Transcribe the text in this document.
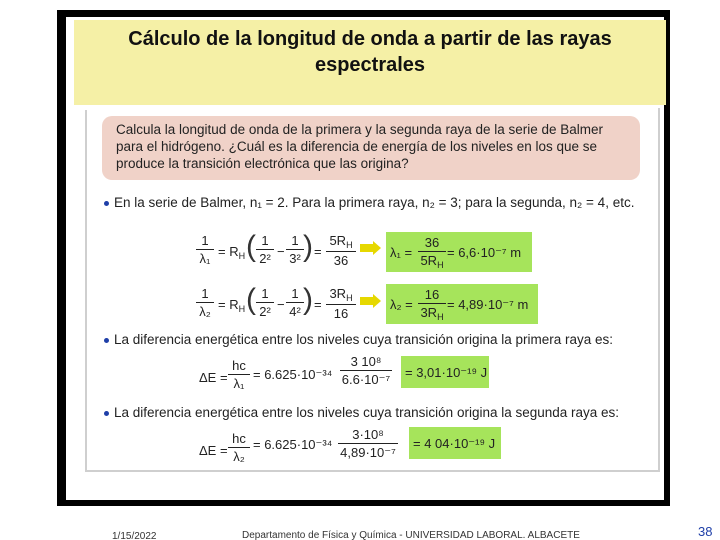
Cálculo de la longitud de onda a partir de las rayas espectrales
Calcula la longitud de onda de la primera y la segunda raya de la serie de Balmer para el hidrógeno. ¿Cuál es la diferencia de energía de los niveles en los que se produce la transición electrónica que las origina?
En la serie de Balmer, n₁ = 2. Para la primera raya, n₂ = 3; para la segunda, n₂ = 4, etc.
$\frac{1}{\text{λ₁}} = R_H$ ( $\frac{1}{\text{2²}} - \frac{1}{\text{3²}}$ ) = $\frac{5R_H}{36}$	$\lambda_1 = \frac{36}{5R_H} = 6,6\cdot 10^{-7}$ m
$\frac{1}{\text{λ₂}} = R_H$ ( $\frac{1}{\text{2²}} - \frac{1}{\text{4²}}$ ) = $\frac{3R_H}{16}$	$\lambda_2 = \frac{16}{3R_H} = 4,89\cdot 10^{-7}$ m
La diferencia energética entre los niveles cuya transición origina la primera raya es:
$\Delta E = \frac{hc}{\text{λ₁}} = 6.625\cdot 10^{-34} \frac{\text{3 10⁸}}{\text{6.6·10⁻⁷}} = 3,01\cdot 10^{-19}$ J
La diferencia energética entre los niveles cuya transición origina la segunda raya es:
$\Delta E = \frac{hc}{\text{λ₂}} = 6.625\cdot 10^{-34} \frac{\text{3·10⁸}}{\text{4,89·10⁻⁷}} = 4$ 04·10⁻¹⁹ J
1/15/2022	Departamento de Física y Química - UNIVERSIDAD LABORAL. ALBACETE	38
